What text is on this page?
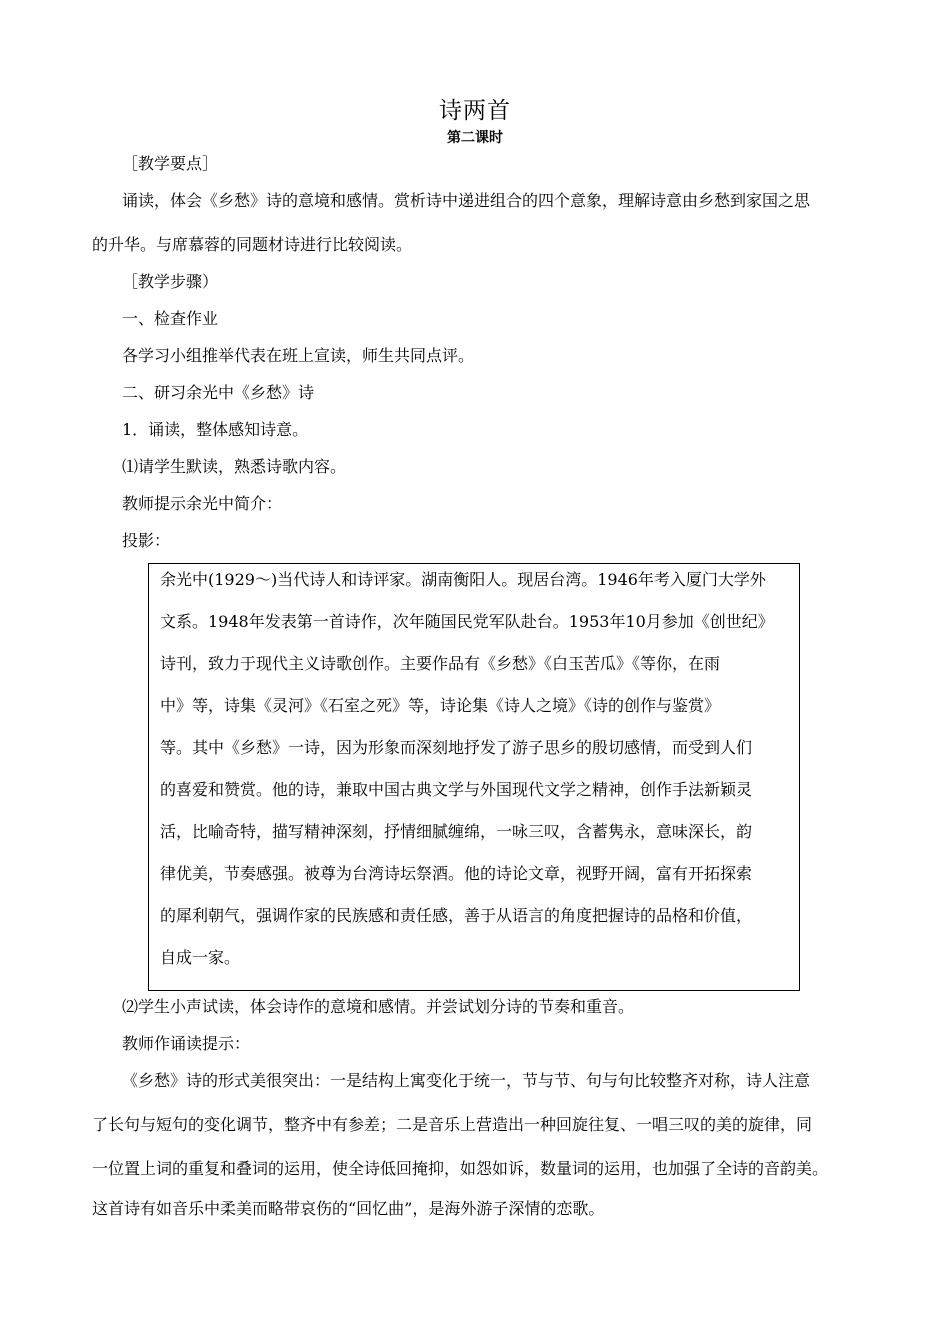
诗两首
第二课时
［教学要点］
诵读，体会《乡愁》诗的意境和感情。赏析诗中递进组合的四个意象，理解诗意由乡愁到家国之思
的升华。与席慕蓉的同题材诗进行比较阅读。
［教学步骤）
一、检查作业
各学习小组推举代表在班上宣读，师生共同点评。
二、研习余光中《乡愁》诗
1．诵读，整体感知诗意。
⑴请学生默读，熟悉诗歌内容。
教师提示余光中简介：
投影：
余光中(1929～)当代诗人和诗评家。湖南衡阳人。现居台湾。1946年考入厦门大学外
文系。1948年发表第一首诗作，次年随国民党军队赴台。1953年10月参加《创世纪》
诗刊，致力于现代主义诗歌创作。主要作品有《乡愁》《白玉苦瓜》《等你，在雨
中》等，诗集《灵河》《石室之死》等，诗论集《诗人之境》《诗的创作与鉴赏》
等。其中《乡愁》一诗，因为形象而深刻地抒发了游子思乡的殷切感情，而受到人们
的喜爱和赞赏。他的诗，兼取中国古典文学与外国现代文学之精神，创作手法新颖灵
活，比喻奇特，描写精神深刻，抒情细腻缠绵，一咏三叹，含蓄隽永，意味深长，韵
律优美，节奏感强。被尊为台湾诗坛祭酒。他的诗论文章，视野开阔，富有开拓探索
的犀利朝气，强调作家的民族感和责任感，善于从语言的角度把握诗的品格和价值，
自成一家。
⑵学生小声试读，体会诗作的意境和感情。并尝试划分诗的节奏和重音。
教师作诵读提示：
《乡愁》诗的形式美很突出：一是结构上寓变化于统一，节与节、句与句比较整齐对称，诗人注意
了长句与短句的变化调节，整齐中有参差；二是音乐上营造出一种回旋往复、一唱三叹的美的旋律，同
一位置上词的重复和叠词的运用，使全诗低回掩抑，如怨如诉，数量词的运用，也加强了全诗的音韵美。
这首诗有如音乐中柔美而略带哀伤的“回忆曲”，是海外游子深情的恋歌。
